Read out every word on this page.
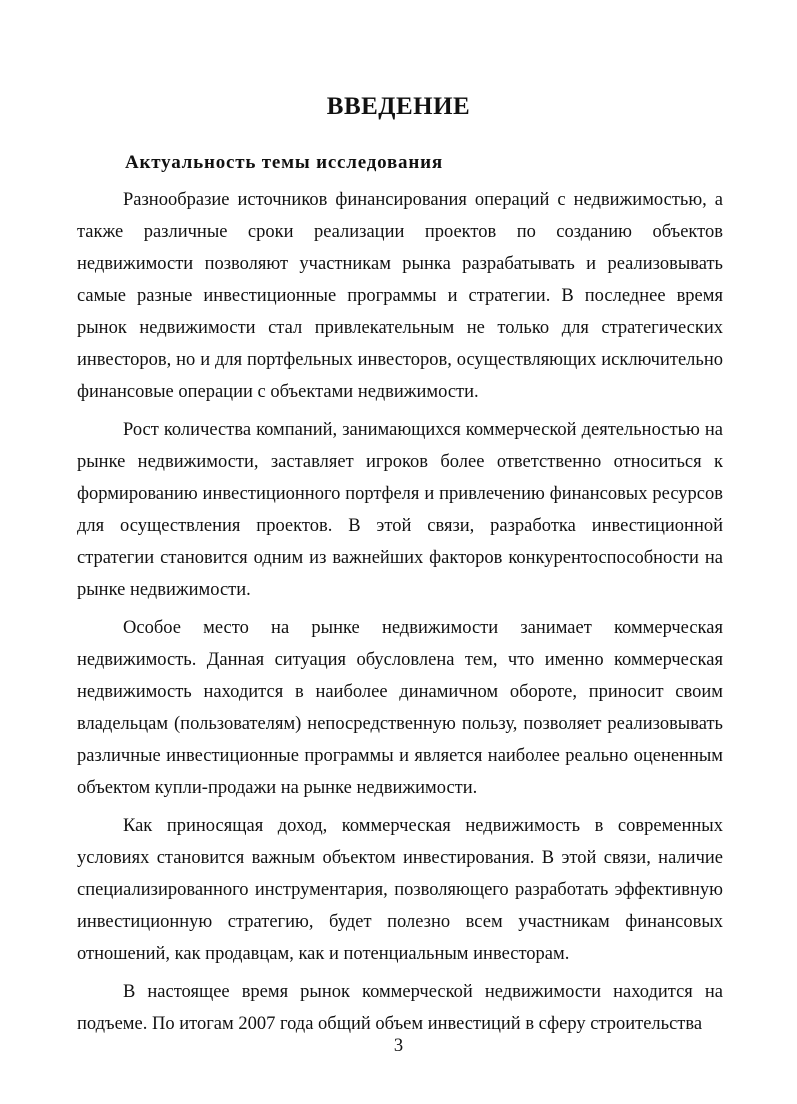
ВВЕДЕНИЕ
Актуальность темы исследования

Разнообразие источников финансирования операций с недвижимостью, а также различные сроки реализации проектов по созданию объектов недвижимости позволяют участникам рынка разрабатывать и реализовывать самые разные инвестиционные программы и стратегии. В последнее время рынок недвижимости стал привлекательным не только для стратегических инвесторов, но и для портфельных инвесторов, осуществляющих исключительно финансовые операции с объектами недвижимости.

Рост количества компаний, занимающихся коммерческой деятельностью на рынке недвижимости, заставляет игроков более ответственно относиться к формированию инвестиционного портфеля и привлечению финансовых ресурсов для осуществления проектов. В этой связи, разработка инвестиционной стратегии становится одним из важнейших факторов конкурентоспособности на рынке недвижимости.

Особое место на рынке недвижимости занимает коммерческая недвижимость. Данная ситуация обусловлена тем, что именно коммерческая недвижимость находится в наиболее динамичном обороте, приносит своим владельцам (пользователям) непосредственную пользу, позволяет реализовывать различные инвестиционные программы и является наиболее реально оцененным объектом купли-продажи на рынке недвижимости.

Как приносящая доход, коммерческая недвижимость в современных условиях становится важным объектом инвестирования. В этой связи, наличие специализированного инструментария, позволяющего разработать эффективную инвестиционную стратегию, будет полезно всем участникам финансовых отношений, как продавцам, как и потенциальным инвесторам.

В настоящее время рынок коммерческой недвижимости находится на подъеме. По итогам 2007 года общий объем инвестиций в сферу строительства

3
